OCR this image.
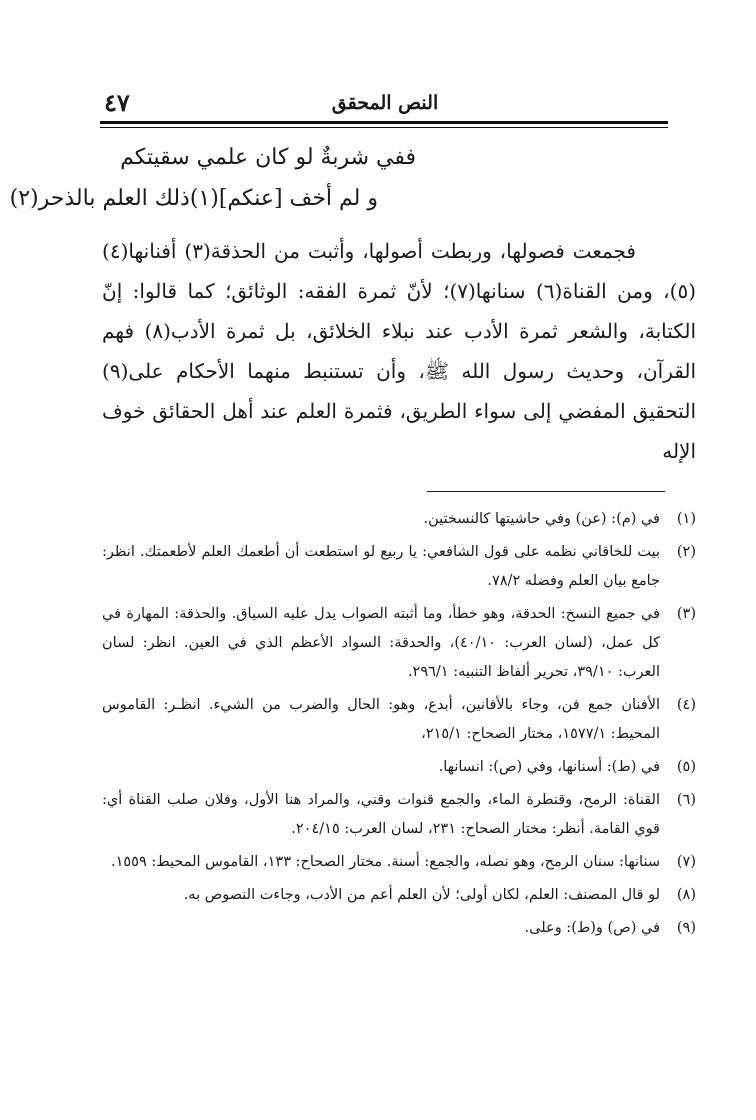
٤٧	النص المحقق
ففي شربةٌ لو كان علمي سقيتكم
و لم أخف [عنكم](١)ذلك العلم بالذحر(٢)
فجمعت فصولها، وربطت أصولها، وأثبت من الحذقة(٣) أفنانها(٤)(٥)، ومن القناة(٦) سنانها(٧)؛ لأنّ ثمرة الفقه: الوثائق؛ كما قالوا: إنّ الكتابة، والشعر ثمرة الأدب عند نبلاء الخلائق، بل ثمرة الأدب(٨) فهم القرآن، وحديث رسول الله ﷺ، وأن تستنبط منهما الأحكام على(٩) التحقيق المفضي إلى سواء الطريق، فثمرة العلم عند أهل الحقائق خوف الإله
(١)
في (م): (عن) وفي حاشيتها كالنسختين.
(٢)
بيت للخاقاني نظمه على قول الشافعي: يا ربيع لو استطعت أن أطعمك العلم لأطعمتك. انظر: جامع بيان العلم وفضله ٧٨/٢.
(٣)
في جميع النسخ: الحدقة، وهو خطأ، وما أثبته الصواب يدل عليه السياق. والحذقة: المهارة في كل عمل، (لسان العرب: ٤٠/١٠)، والحدقة: السواد الأعظم الذي في العين. انظر: لسان العرب: ٣٩/١٠، تحرير ألفاظ التنبيه: ٢٩٦/١.
(٤)
الأفنان جمع فن، وجاء بالأفانين، أبدع، وهو: الحال والضرب من الشيء. انظـر: القاموس المحيط: ١٥٧٧/١، مختار الصحاح: ٢١٥/١،
(٥)
في (ط): أسنانها، وفي (ص): انسانها.
(٦)
القناة: الرمح، وقنطرة الماء، والجمع قنوات وقني، والمراد هنا الأول، وفلان صلب القناة أي: قوي القامة. أنظر: مختار الصحاح: ٢٣١، لسان العرب: ٢٠٤/١٥.
(٧)
سنانها: سنان الرمح، وهو نصله، والجمع: أسنة. مختار الصحاح: ١٣٣، القاموس المحيط: ١٥٥٩.
(٨)
لو قال المصنف: العلم، لكان أولى؛ لأن العلم أعم من الأدب، وجاءت النصوص به.
(٩)
في (ص) و(ط): وعلى.
